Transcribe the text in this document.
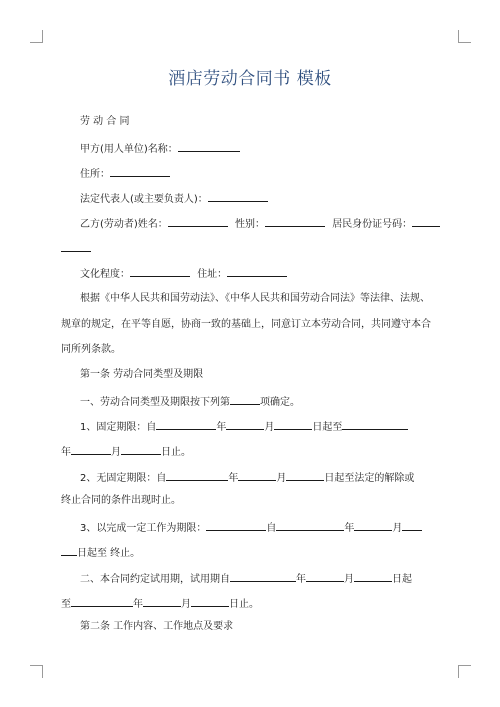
酒店劳动合同书 模板
劳 动 合 同
甲方(用人单位)名称：
住所：
法定代表人(或主要负责人)：
乙方(劳动者)姓名：	性别：	居民身份证号码：
文化程度：	住址：
根据《中华人民共和国劳动法》、《中华人民共和国劳动合同法》等法律、法规、
规章的规定，在平等自愿，协商一致的基础上，同意订立本劳动合同，共同遵守本合
同所列条款。
第一条 劳动合同类型及期限
一、劳动合同类型及期限按下列第	项确定。
1、固定期限：自	年	月	日起至
年	月	日止。
2、无固定期限：自	年	月	日起至法定的解除或
终止合同的条件出现时止。
3、以完成一定工作为期限：	自	年	月
日起至 终止。
二、本合同约定试用期，试用期自	年	月	日起
至	年	月	日止。
第二条 工作内容、工作地点及要求
